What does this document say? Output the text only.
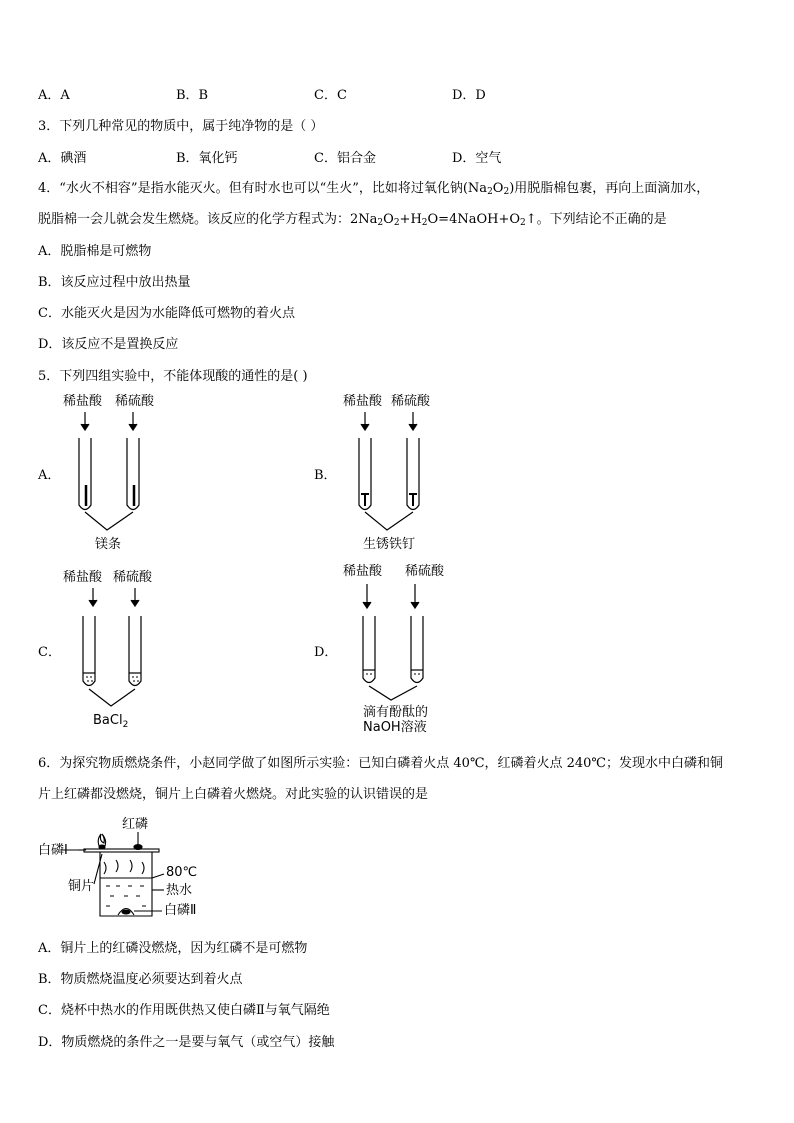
A．A	B．B	C．C	D．D
3．下列几种常见的物质中，属于纯净物的是（ ）
A．碘酒	B．氧化钙	C．铝合金	D．空气
4．“水火不相容”是指水能灭火。但有时水也可以“生火”，比如将过氧化钠$(Na_2O_2)$用脱脂棉包裹，再向上面滴加水，
脱脂棉一会儿就会发生燃烧。该反应的化学方程式为：$2Na_2O_2+H_2O=4NaOH+O_2↑$。下列结论不正确的是
A．脱脂棉是可燃物
B．该反应过程中放出热量
C．水能灭火是因为水能降低可燃物的着火点
D．该反应不是置换反应
5．下列四组实验中，不能体现酸的通性的是( )
A．	B．
C．	D．
稀盐酸 稀硫酸
镁条
稀盐酸 稀硫酸
生锈铁钉
稀盐酸 稀硫酸
BaCl$_2$
稀盐酸 稀硫酸
滴有酚酞的
NaOH溶液
6．为探究物质燃烧条件，小赵同学做了如图所示实验：已知白磷着火点 40℃，红磷着火点 240℃；发现水中白磷和铜
片上红磷都没燃烧，铜片上白磷着火燃烧。对此实验的认识错误的是
红磷
白磷Ⅰ
80℃
铜片	热水
白磷Ⅱ
A．铜片上的红磷没燃烧，因为红磷不是可燃物
B．物质燃烧温度必须要达到着火点
C．烧杯中热水的作用既供热又使白磷Ⅱ与氧气隔绝
D．物质燃烧的条件之一是要与氧气（或空气）接触
